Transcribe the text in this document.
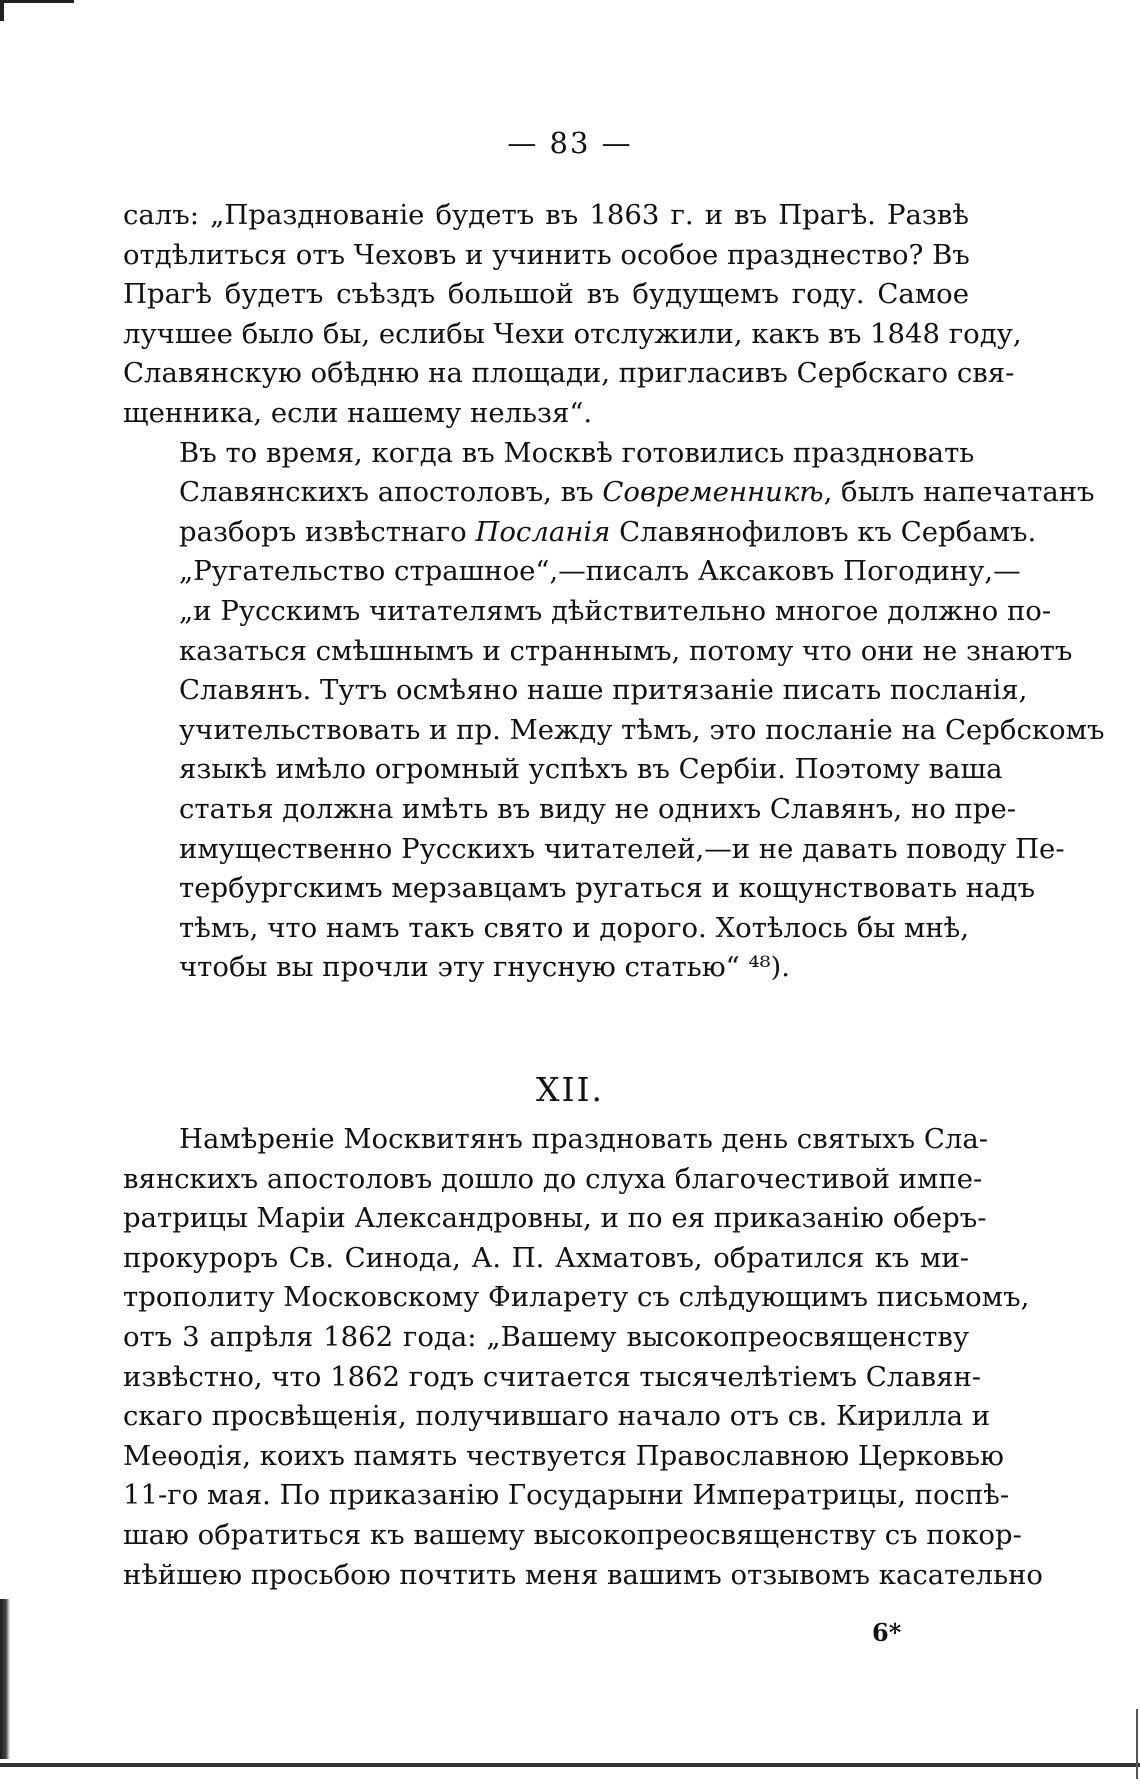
— 83 —

салъ: „Празднованіе будетъ въ 1863 г. и въ Прагѣ. Развѣ
отдѣлиться отъ Чеховъ и учинить особое празднество? Въ
Прагѣ будетъ съѣздъ большой въ будущемъ году. Самое
лучшее было бы, еслибы Чехи отслужили, какъ въ 1848 году,
Славянскую обѣдню на площади, пригласивъ Сербскаго свя-
щенника, если нашему нельзя“.

Въ то время, когда въ Москвѣ готовились праздновать
Славянскихъ апостоловъ, въ Современникѣ, былъ напечатанъ
разборъ извѣстнаго Посланія Славянофиловъ къ Сербамъ.

„Ругательство страшное“,—писалъ Аксаковъ Погодину,—
„и Русскимъ читателямъ дѣйствительно многое должно по-
казаться смѣшнымъ и страннымъ, потому что они не знаютъ
Славянъ. Тутъ осмѣяно наше притязаніе писать посланія,
учительствовать и пр. Между тѣмъ, это посланіе на Сербскомъ
языкѣ имѣло огромный успѣхъ въ Сербіи. Поэтому ваша
статья должна имѣть въ виду не однихъ Славянъ, но пре-
имущественно Русскихъ читателей,—и не давать поводу Пе-
тербургскимъ мерзавцамъ ругаться и кощунствовать надъ
тѣмъ, что намъ такъ свято и дорого. Хотѣлось бы мнѣ,
чтобы вы прочли эту гнусную статью“ ⁴⁸).

XII.

Намѣреніе Москвитянъ праздновать день святыхъ Сла-
вянскихъ апостоловъ дошло до слуха благочестивой импе-
ратрицы Маріи Александровны, и по ея приказанію оберъ-
прокуроръ Св. Синода, А. П. Ахматовъ, обратился къ ми-
трополиту Московскому Филарету съ слѣдующимъ письмомъ,
отъ 3 апрѣля 1862 года: „Вашему высокопреосвященству
извѣстно, что 1862 годъ считается тысячелѣтіемъ Славян-
скаго просвѣщенія, получившаго начало отъ св. Кирилла и
Меѳодія, коихъ память чествуется Православною Церковью
11-го мая. По приказанію Государыни Императрицы, поспѣ-
шаю обратиться къ вашему высокопреосвященству съ покор-
нѣйшею просьбою почтить меня вашимъ отзывомъ касательно

6*
